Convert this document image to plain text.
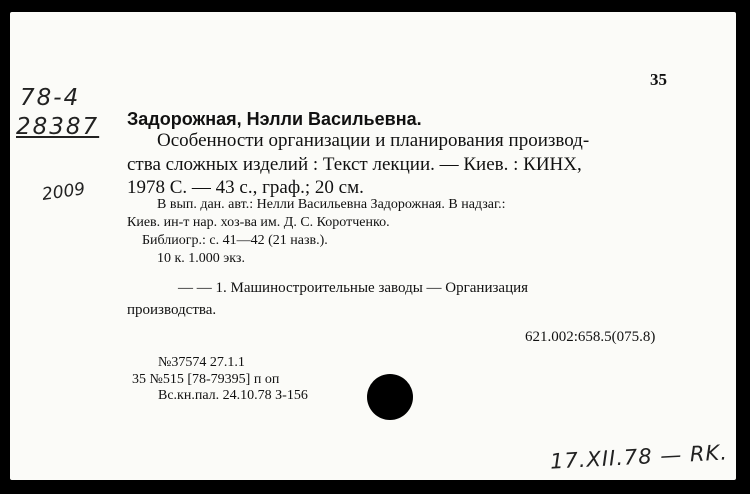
35
78-4
28387 Задорожная, Нэлли Васильевна.
Особенности организации и планирования производ-
ства сложных изделий : Текст лекции. — Киев. : КИНХ,
1978 С. — 43 с., граф.; 20 см.
В вып. дан. авт.: Нелли Васильевна Задорожная. В надзаг.:
Киев. ин-т нар. хоз-ва им. Д. С. Коротченко.
Библиогр.: с. 41—42 (21 назв.).
10 к. 1.000 экз.
2009
— — 1. Машиностроительные заводы — Организация
производства.
621.002:658.5(075.8)
№37574 27.1.1
35 №515 [78-79395] п оп
Вс.кн.пал. 24.10.78 З-156
17.XII.78 — RK.
